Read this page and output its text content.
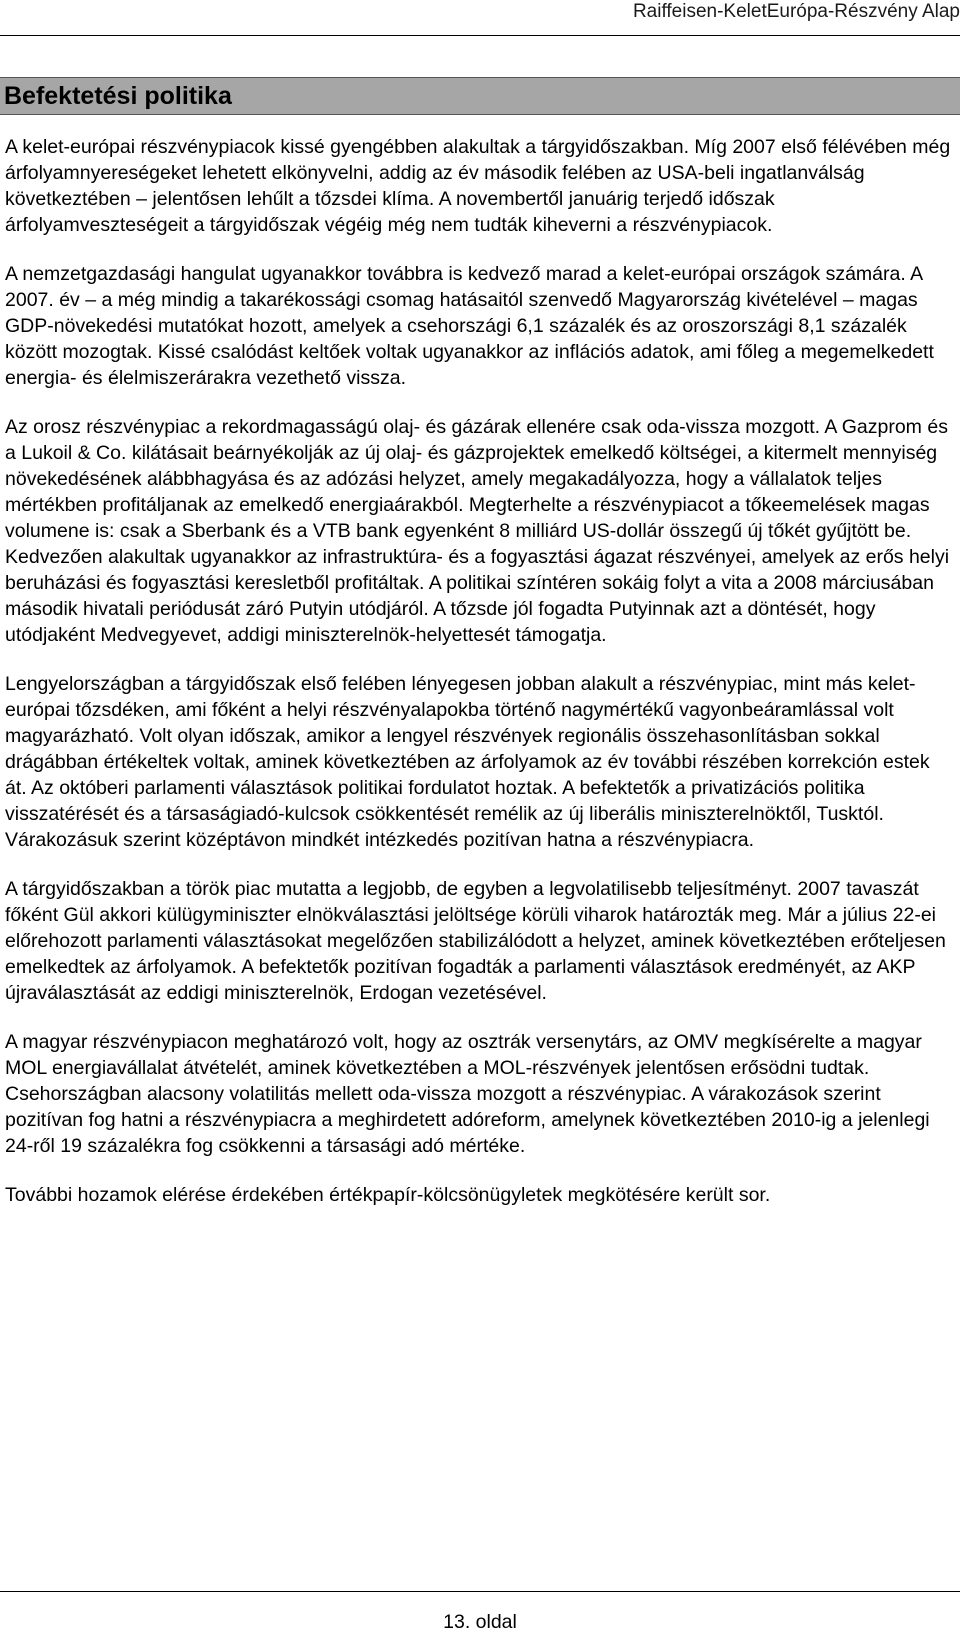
Raiffeisen-KeletEurópa-Részvény Alap
Befektetési politika

A kelet-európai részvénypiacok kissé gyengébben alakultak a tárgyidőszakban. Míg 2007 első félévében még árfolyamnyereségeket lehetett elkönyvelni, addig az év második felében az USA-beli ingatlanválság következtében – jelentősen lehűlt a tőzsdei klíma. A novembertől januárig terjedő időszak árfolyamveszteségeit a tárgyidőszak végéig még nem tudták kiheverni a részvénypiacok.

A nemzetgazdasági hangulat ugyanakkor továbbra is kedvező marad a kelet-európai országok számára. A 2007. év – a még mindig a takarékossági csomag hatásaitól szenvedő Magyarország kivételével – magas GDP-növekedési mutatókat hozott, amelyek a csehországi 6,1 százalék és az oroszországi 8,1 százalék között mozogtak. Kissé csalódást keltőek voltak ugyanakkor az inflációs adatok, ami főleg a megemelkedett energia- és élelmiszerárakra vezethető vissza.

Az orosz részvénypiac a rekordmagasságú olaj- és gázárak ellenére csak oda-vissza mozgott. A Gazprom és a Lukoil & Co. kilátásait beárnyékolják az új olaj- és gázprojektek emelkedő költségei, a kitermelt mennyiség növekedésének alábbhagyása és az adózási helyzet, amely megakadályozza, hogy a vállalatok teljes mértékben profitáljanak az emelkedő energiaárakból. Megterhelte a részvénypiacot a tőkeemelések magas volumene is: csak a Sberbank és a VTB bank egyenként 8 milliárd US-dollár összegű új tőkét gyűjtött be. Kedvezően alakultak ugyanakkor az infrastruktúra- és a fogyasztási ágazat részvényei, amelyek az erős helyi beruházási és fogyasztási keresletből profitáltak. A politikai színtéren sokáig folyt a vita a 2008 márciusában második hivatali periódusát záró Putyin utódjáról. A tőzsde jól fogadta Putyinnak azt a döntését, hogy utódjaként Medvegyevet, addigi miniszterelnök-helyettesét támogatja.

Lengyelországban a tárgyidőszak első felében lényegesen jobban alakult a részvénypiac, mint más kelet-európai tőzsdéken, ami főként a helyi részvényalapokba történő nagymértékű vagyonbeáramlással volt magyarázható. Volt olyan időszak, amikor a lengyel részvények regionális összehasonlításban sokkal drágábban értékeltek voltak, aminek következtében az árfolyamok az év további részében korrekción estek át. Az októberi parlamenti választások politikai fordulatot hoztak. A befektetők a privatizációs politika visszatérését és a társaságiadó-kulcsok csökkentését remélik az új liberális miniszterelnöktől, Tusktól. Várakozásuk szerint középtávon mindkét intézkedés pozitívan hatna a részvénypiacra.

A tárgyidőszakban a török piac mutatta a legjobb, de egyben a legvolatilisebb teljesítményt. 2007 tavaszát főként Gül akkori külügyminiszter elnökválasztási jelöltsége körüli viharok határozták meg. Már a július 22-ei előrehozott parlamenti választásokat megelőzően stabilizálódott a helyzet, aminek következtében erőteljesen emelkedtek az árfolyamok. A befektetők pozitívan fogadták a parlamenti választások eredményét, az AKP újraválasztását az eddigi miniszterelnök, Erdogan vezetésével.

A magyar részvénypiacon meghatározó volt, hogy az osztrák versenytárs, az OMV megkísérelte a magyar MOL energiavállalat átvételét, aminek következtében a MOL-részvények jelentősen erősödni tudtak. Csehországban alacsony volatilitás mellett oda-vissza mozgott a részvénypiac. A várakozások szerint pozitívan fog hatni a részvénypiacra a meghirdetett adóreform, amelynek következtében 2010-ig a jelenlegi 24-ről 19 százalékra fog csökkenni a társasági adó mértéke.

További hozamok elérése érdekében értékpapír-kölcsönügyletek megkötésére került sor.

13. oldal
